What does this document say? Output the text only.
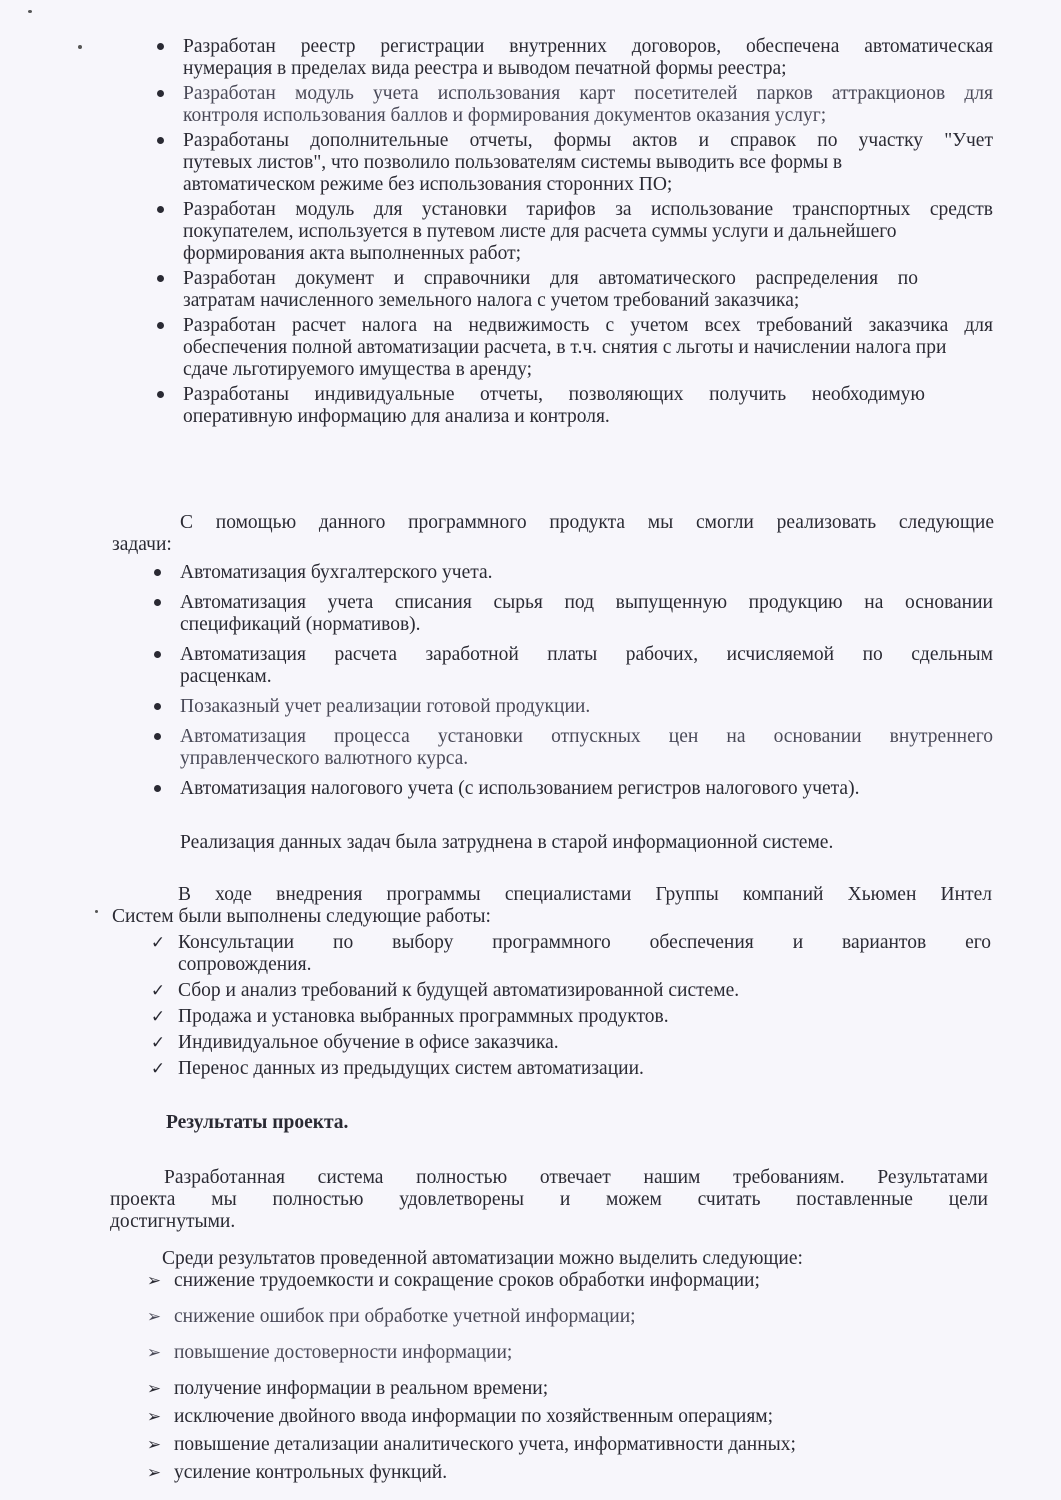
Разработан реестр регистрации внутренних договоров, обеспечена автоматическая
нумерация в пределах вида реестра и выводом печатной формы реестра;
Разработан модуль учета использования карт посетителей парков аттракционов для
контроля использования баллов и формирования документов оказания услуг;
Разработаны дополнительные отчеты, формы актов и справок по участку "Учет
путевых листов", что позволило пользователям системы выводить все формы в автоматическом режиме без использования сторонних ПО;
Разработан модуль для установки тарифов за использование транспортных средств
покупателем, используется в путевом листе для расчета суммы услуги и дальнейшего формирования акта выполненных работ;
Разработан документ и справочники для автоматического распределения по
затратам начисленного земельного налога с учетом требований заказчика;
Разработан расчет налога на недвижимость с учетом всех требований заказчика для
обеспечения полной автоматизации расчета, в т.ч. снятия с льготы и начислении налога при сдаче льготируемого имущества в аренду;
Разработаны индивидуальные отчеты, позволяющих получить необходимую
оперативную информацию для анализа и контроля.
С помощью данного программного продукта мы смогли реализовать следующие
задачи:
Автоматизация бухгалтерского учета.
Автоматизация учета списания сырья под выпущенную продукцию на основании
спецификаций (нормативов).
Автоматизация расчета заработной платы рабочих, исчисляемой по сдельным
расценкам.
Позаказный учет реализации готовой продукции.
Автоматизация процесса установки отпускных цен на основании внутреннего
управленческого валютного курса.
Автоматизация налогового учета (с использованием регистров налогового учета).
Реализация данных задач была затруднена в старой информационной системе.
В ходе внедрения программы специалистами Группы компаний Хьюмен Интел
Систем были выполнены следующие работы:
✓ Консультации по выбору программного обеспечения и вариантов его
сопровождения.
✓ Сбор и анализ требований к будущей автоматизированной системе.
✓ Продажа и установка выбранных программных продуктов.
✓ Индивидуальное обучение в офисе заказчика.
✓ Перенос данных из предыдущих систем автоматизации.
Результаты проекта.
Разработанная система полностью отвечает нашим требованиям. Результатами
проекта мы полностью удовлетворены и можем считать поставленные цели
достигнутыми.
Среди результатов проведенной автоматизации можно выделить следующие:
➢ снижение трудоемкости и сокращение сроков обработки информации;
➢ снижение ошибок при обработке учетной информации;
➢ повышение достоверности информации;
➢ получение информации в реальном времени;
➢ исключение двойного ввода информации по хозяйственным операциям;
➢ повышение детализации аналитического учета, информативности данных;
➢ усиление контрольных функций.
